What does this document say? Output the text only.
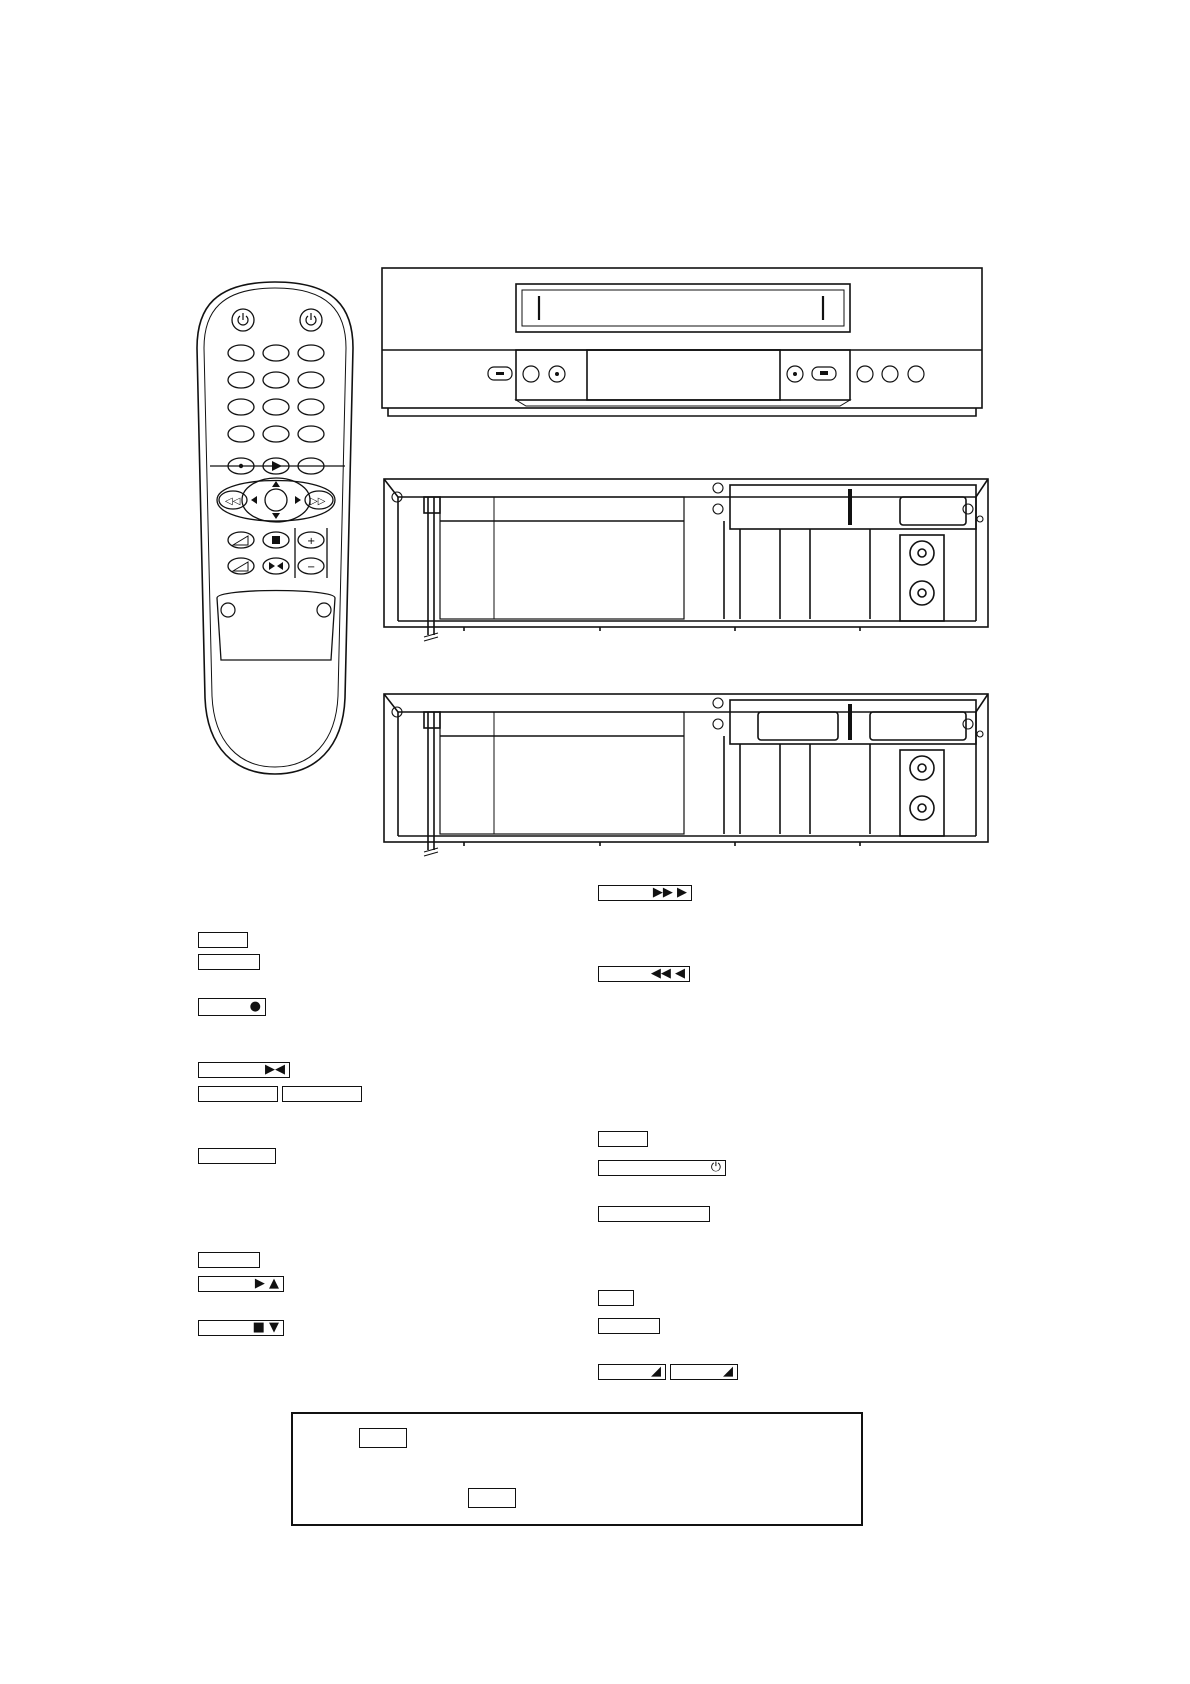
◁◁	▷▷
+
−
●
▶◀
▶ ▲
■ ▼
▶▶ ▶
◀◀ ◀
⏻
◢	◢
